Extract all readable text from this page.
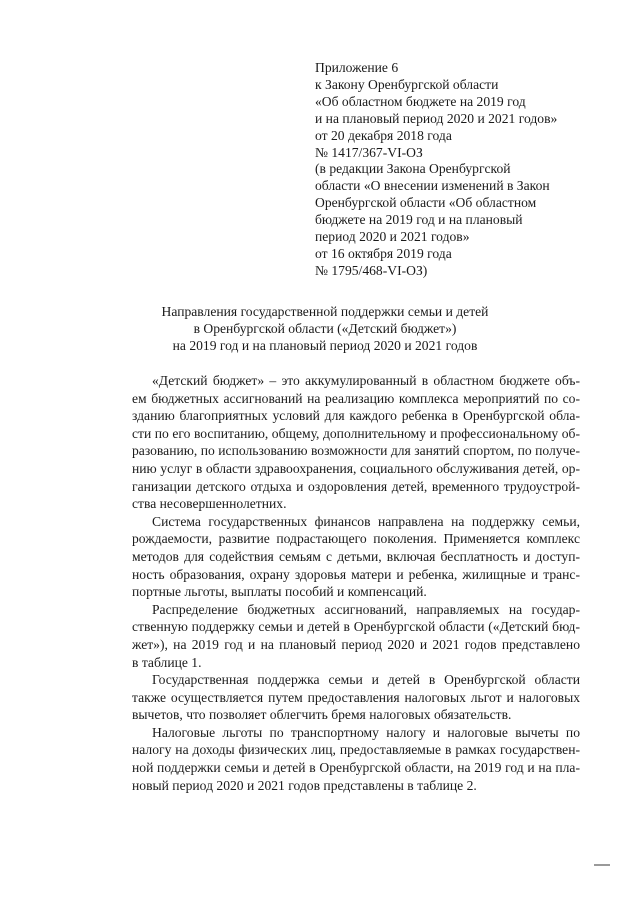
Приложение 6
к Закону Оренбургской области
«Об областном бюджете на 2019 год
и на плановый период 2020 и 2021 годов»
от 20 декабря 2018 года
№ 1417/367-VI-ОЗ
(в редакции Закона Оренбургской
области «О внесении изменений в Закон
Оренбургской области «Об областном
бюджете на 2019 год и на плановый
период 2020 и 2021 годов»
от 16 октября 2019 года
№ 1795/468-VI-ОЗ)
Направления государственной поддержки семьи и детей
в Оренбургской области («Детский бюджет»)
на 2019 год и на плановый период 2020 и 2021 годов
«Детский бюджет» – это аккумулированный в областном бюджете объ-
ем бюджетных ассигнований на реализацию комплекса мероприятий по со-
зданию благоприятных условий для каждого ребенка в Оренбургской обла-
сти по его воспитанию, общему, дополнительному и профессиональному об-
разованию, по использованию возможности для занятий спортом, по получе-
нию услуг в области здравоохранения, социального обслуживания детей, ор-
ганизации детского отдыха и оздоровления детей, временного трудоустрой-
ства несовершеннолетних.
Система государственных финансов направлена на поддержку семьи,
рождаемости, развитие подрастающего поколения. Применяется комплекс
методов для содействия семьям с детьми, включая бесплатность и доступ-
ность образования, охрану здоровья матери и ребенка, жилищные и транс-
портные льготы, выплаты пособий и компенсаций.
Распределение бюджетных ассигнований, направляемых на государ-
ственную поддержку семьи и детей в Оренбургской области («Детский бюд-
жет»), на 2019 год и на плановый период 2020 и 2021 годов представлено
в таблице 1.
Государственная поддержка семьи и детей в Оренбургской области
также осуществляется путем предоставления налоговых льгот и налоговых
вычетов, что позволяет облегчить бремя налоговых обязательств.
Налоговые льготы по транспортному налогу и налоговые вычеты по
налогу на доходы физических лиц, предоставляемые в рамках государствен-
ной поддержки семьи и детей в Оренбургской области, на 2019 год и на пла-
новый период 2020 и 2021 годов представлены в таблице 2.
